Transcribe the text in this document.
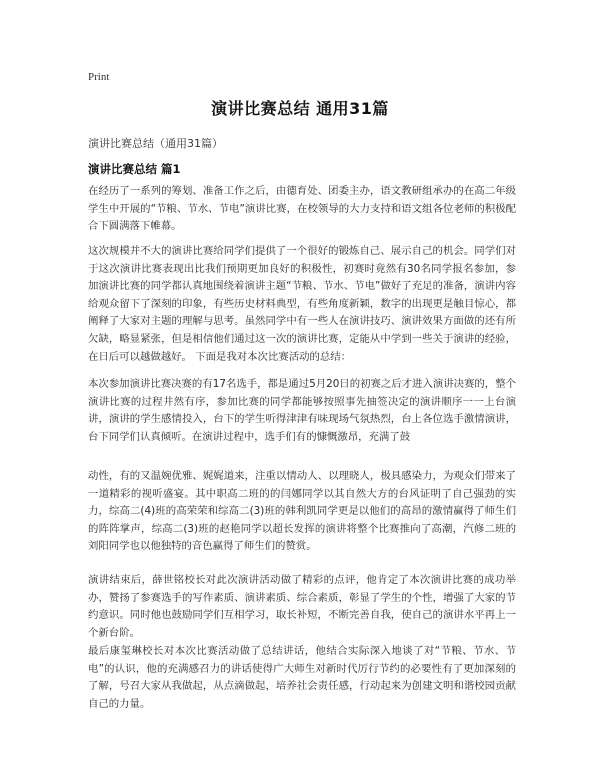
Print
演讲比赛总结 通用31篇
演讲比赛总结（通用31篇）
演讲比赛总结 篇1

在经历了一系列的筹划、准备工作之后，由德育处、团委主办，语文教研组承办的在高二年级学生中开展的“节粮、节水、节电”演讲比赛，在校领导的大力支持和语文组各位老师的积极配合下圆满落下帷幕。

这次规模并不大的演讲比赛给同学们提供了一个很好的锻炼自己、展示自己的机会。同学们对于这次演讲比赛表现出比我们预期更加良好的积极性，初赛时竟然有30名同学报名参加，参加演讲比赛的同学都认真地围绕着演讲主题“节粮、节水、节电”做好了充足的准备，演讲内容给观众留下了深刻的印象，有些历史材料典型，有些角度新颖，数字的出现更是触目惊心，都阐释了大家对主题的理解与思考。虽然同学中有一些人在演讲技巧、演讲效果方面做的还有所欠缺，略显紧张，但是相信他们通过这一次的演讲比赛，定能从中学到一些关于演讲的经验，在日后可以越做越好。 下面是我对本次比赛活动的总结：

本次参加演讲比赛决赛的有17名选手，都是通过5月20日的初赛之后才进入演讲决赛的，整个演讲比赛的过程井然有序，参加比赛的同学都能够按照事先抽签决定的演讲顺序一一上台演讲，演讲的学生感情投入，台下的学生听得津津有味现场气氛热烈，台上各位选手激情演讲，台下同学们认真倾听。在演讲过程中，选手们有的慷慨激昂，充满了鼓

动性，有的又温婉优雅、娓娓道来，注重以情动人、以理晓人，极具感染力，为观众们带来了一道精彩的视听盛宴。其中职高二班的的闫娜同学以其自然大方的台风证明了自己强劲的实力，综高二(4)班的高荣荣和综高二(3)班的韩利凯同学更是以他们的高昂的激情赢得了师生们的阵阵掌声，综高二(3)班的赵艳同学以超长发挥的演讲将整个比赛推向了高潮，汽修二班的刘阳同学也以他独特的音色赢得了师生们的赞赏。

演讲结束后，薛世铭校长对此次演讲活动做了精彩的点评，他肯定了本次演讲比赛的成功举办，赞扬了参赛选手的写作素质、演讲素质、综合素质，彰显了学生的个性，增强了大家的节约意识。同时他也鼓励同学们互相学习，取长补短，不断完善自我，使自己的演讲水平再上一个新台阶。

最后康玺琳校长对本次比赛活动做了总结讲话，他结合实际深入地谈了对“节粮、节水、节电”的认识，他的充满感召力的讲话使得广大师生对新时代厉行节约的必要性有了更加深刻的了解，号召大家从我做起，从点滴做起，培养社会责任感，行动起来为创建文明和谐校园贡献自己的力量。
